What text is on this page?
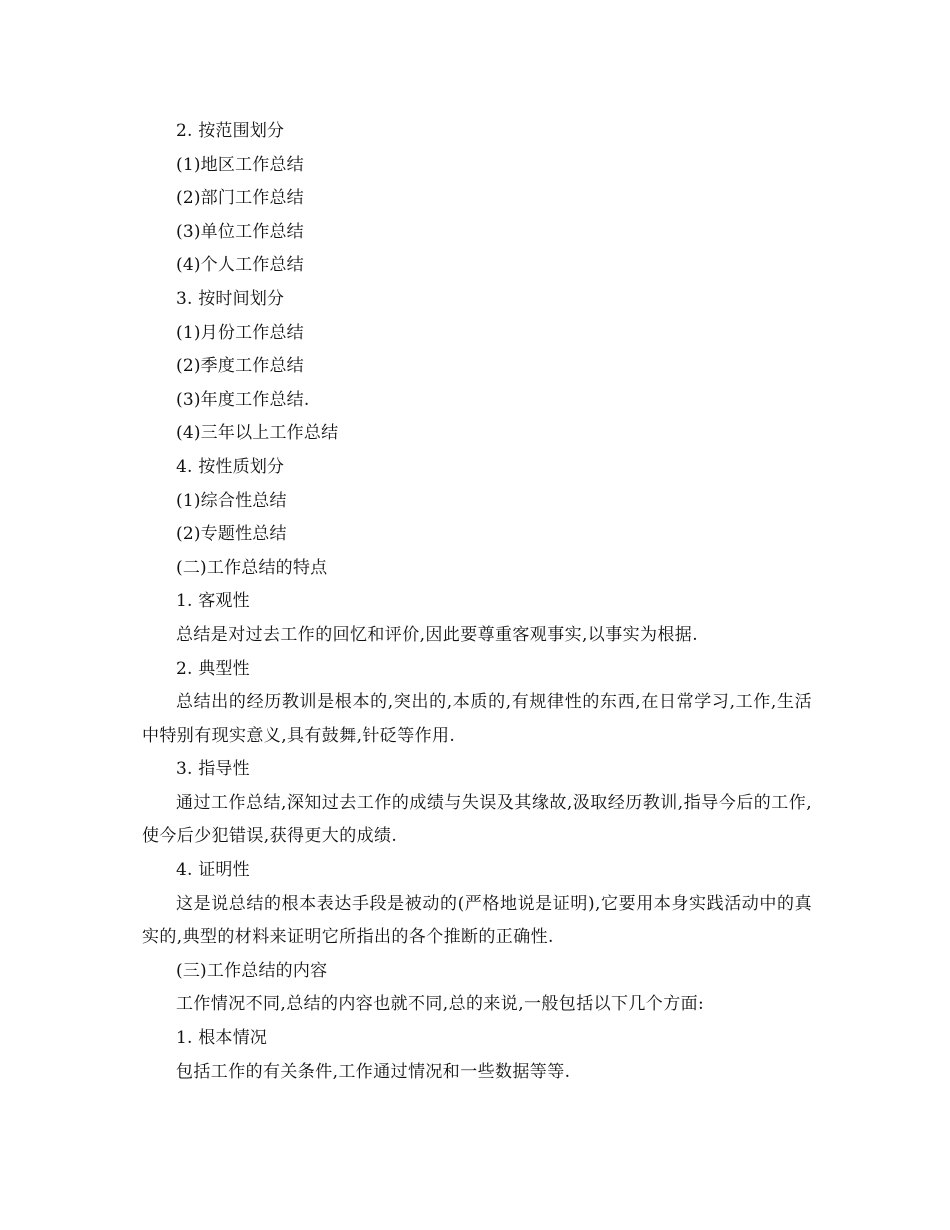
2. 按范围划分
(1)地区工作总结
(2)部门工作总结
(3)单位工作总结
(4)个人工作总结
3. 按时间划分
(1)月份工作总结
(2)季度工作总结
(3)年度工作总结.
(4)三年以上工作总结
4. 按性质划分
(1)综合性总结
(2)专题性总结
(二)工作总结的特点
1. 客观性

总结是对过去工作的回忆和评价,因此要尊重客观事实,以事实为根据.

2. 典型性

总结出的经历教训是根本的,突出的,本质的,有规律性的东西,在日常学习,工作,生活中特别有现实意义,具有鼓舞,针砭等作用.

3. 指导性

通过工作总结,深知过去工作的成绩与失误及其缘故,汲取经历教训,指导今后的工作,使今后少犯错误,获得更大的成绩.

4. 证明性

这是说总结的根本表达手段是被动的(严格地说是证明),它要用本身实践活动中的真实的,典型的材料来证明它所指出的各个推断的正确性.

(三)工作总结的内容

工作情况不同,总结的内容也就不同,总的来说,一般包括以下几个方面:

1. 根本情况

包括工作的有关条件,工作通过情况和一些数据等等.
